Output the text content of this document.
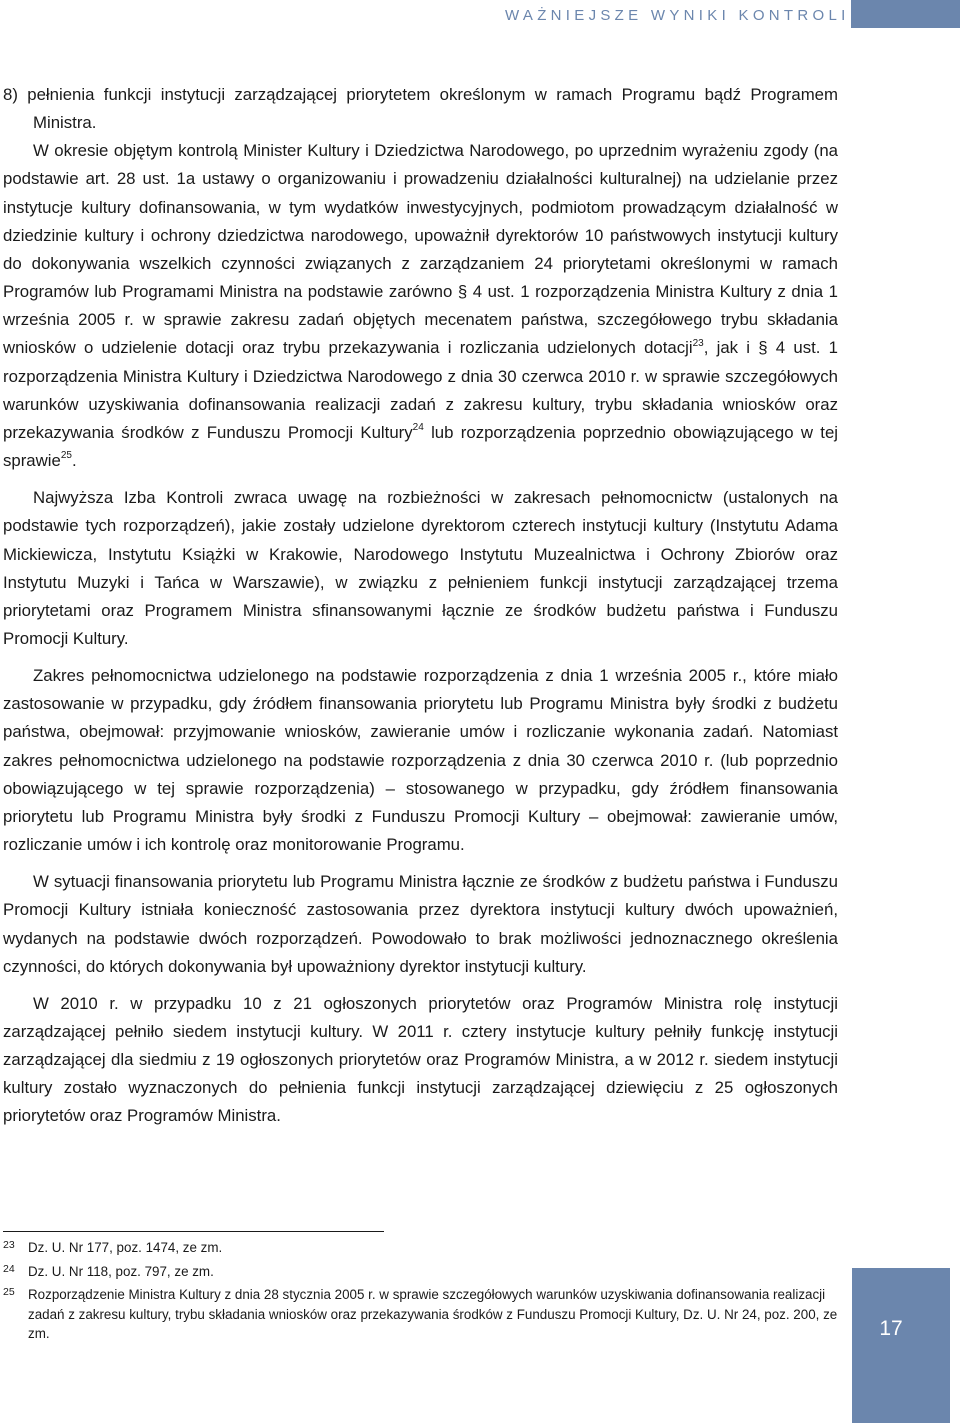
WAŻNIEJSZE WYNIKI KONTROLI

8) pełnienia funkcji instytucji zarządzającej priorytetem określonym w ramach Programu bądź Programem Ministra.

W okresie objętym kontrolą Minister Kultury i Dziedzictwa Narodowego, po uprzednim wyrażeniu zgody (na podstawie art. 28 ust. 1a ustawy o organizowaniu i prowadzeniu działalności kulturalnej) na udzielanie przez instytucje kultury dofinansowania, w tym wydatków inwestycyjnych, podmiotom prowadzącym działalność w dziedzinie kultury i ochrony dziedzictwa narodowego, upoważnił dyrektorów 10 państwowych instytucji kultury do dokonywania wszelkich czynności związanych z zarządzaniem 24 priorytetami określonymi w ramach Programów lub Programami Ministra na podstawie zarówno § 4 ust. 1 rozporządzenia Ministra Kultury z dnia 1 września 2005 r. w sprawie zakresu zadań objętych mecenatem państwa, szczegółowego trybu składania wniosków o udzielenie dotacji oraz trybu przekazywania i rozliczania udzielonych dotacji$^{23}$, jak i § 4 ust. 1 rozporządzenia Ministra Kultury i Dziedzictwa Narodowego z dnia 30 czerwca 2010 r. w sprawie szczegółowych warunków uzyskiwania dofinansowania realizacji zadań z zakresu kultury, trybu składania wniosków oraz przekazywania środków z Funduszu Promocji Kultury$^{24}$ lub rozporządzenia poprzednio obowiązującego w tej sprawie$^{25}$.

Najwyższa Izba Kontroli zwraca uwagę na rozbieżności w zakresach pełnomocnictw (ustalonych na podstawie tych rozporządzeń), jakie zostały udzielone dyrektorom czterech instytucji kultury (Instytutu Adama Mickiewicza, Instytutu Książki w Krakowie, Narodowego Instytutu Muzealnictwa i Ochrony Zbiorów oraz Instytutu Muzyki i Tańca w Warszawie), w związku z pełnieniem funkcji instytucji zarządzającej trzema priorytetami oraz Programem Ministra sfinansowanymi łącznie ze środków budżetu państwa i Funduszu Promocji Kultury.

Zakres pełnomocnictwa udzielonego na podstawie rozporządzenia z dnia 1 września 2005 r., które miało zastosowanie w przypadku, gdy źródłem finansowania priorytetu lub Programu Ministra były środki z budżetu państwa, obejmował: przyjmowanie wniosków, zawieranie umów i rozliczanie wykonania zadań. Natomiast zakres pełnomocnictwa udzielonego na podstawie rozporządzenia z dnia 30 czerwca 2010 r. (lub poprzednio obowiązującego w tej sprawie rozporządzenia) – stosowanego w przypadku, gdy źródłem finansowania priorytetu lub Programu Ministra były środki z Funduszu Promocji Kultury – obejmował: zawieranie umów, rozliczanie umów i ich kontrolę oraz monitorowanie Programu.

W sytuacji finansowania priorytetu lub Programu Ministra łącznie ze środków z budżetu państwa i Funduszu Promocji Kultury istniała konieczność zastosowania przez dyrektora instytucji kultury dwóch upoważnień, wydanych na podstawie dwóch rozporządzeń. Powodowało to brak możliwości jednoznacznego określenia czynności, do których dokonywania był upoważniony dyrektor instytucji kultury.

W 2010 r. w przypadku 10 z 21 ogłoszonych priorytetów oraz Programów Ministra rolę instytucji zarządzającej pełniło siedem instytucji kultury. W 2011 r. cztery instytucje kultury pełniły funkcję instytucji zarządzającej dla siedmiu z 19 ogłoszonych priorytetów oraz Programów Ministra, a w 2012 r. siedem instytucji kultury zostało wyznaczonych do pełnienia funkcji instytucji zarządzającej dziewięciu z 25 ogłoszonych priorytetów oraz Programów Ministra.

23 Dz. U. Nr 177, poz. 1474, ze zm.
24 Dz. U. Nr 118, poz. 797, ze zm.
25 Rozporządzenie Ministra Kultury z dnia 28 stycznia 2005 r. w sprawie szczegółowych warunków uzyskiwania dofinansowania realizacji zadań z zakresu kultury, trybu składania wniosków oraz przekazywania środków z Funduszu Promocji Kultury, Dz. U. Nr 24, poz. 200, ze zm.	17
